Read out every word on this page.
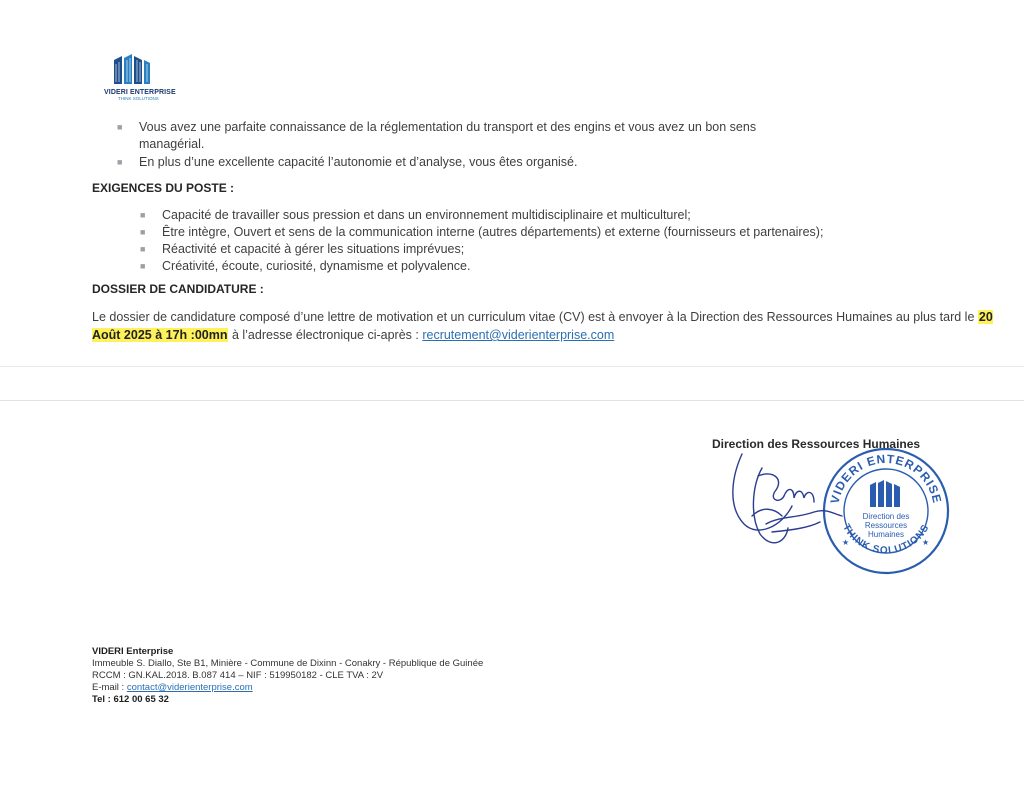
VIDERI ENTERPRISE
THINK SOLUTIONS
■ Vous avez une parfaite connaissance de la réglementation du transport et des engins et vous avez un bon sens
managérial.
■ En plus d’une excellente capacité l’autonomie et d’analyse, vous êtes organisé.
EXIGENCES DU POSTE :
■ Capacité de travailler sous pression et dans un environnement multidisciplinaire et multiculturel;
■ Être intègre, Ouvert et sens de la communication interne (autres départements) et externe (fournisseurs et partenaires);
■ Réactivité et capacité à gérer les situations imprévues;
■ Créativité, écoute, curiosité, dynamisme et polyvalence.
DOSSIER DE CANDIDATURE :
Le dossier de candidature composé d’une lettre de motivation et un curriculum vitae (CV) est à envoyer à la Direction des Ressources Humaines au plus tard le 20 Août 2025 à 17h :00mn à l’adresse électronique ci-après : recrutement@viderienterprise.com
Direction des Ressources Humaines
VIDERI ENTERPRISE
THINK SOLUTIONS
Direction des
Ressources
Humaines
★	★
VIDERI Enterprise
Immeuble S. Diallo, Ste B1, Minière - Commune de Dixinn - Conakry - République de Guinée
RCCM : GN.KAL.2018. B.087 414 – NIF : 519950182 - CLE TVA : 2V
E-mail : contact@viderienterprise.com
Tel : 612 00 65 32
